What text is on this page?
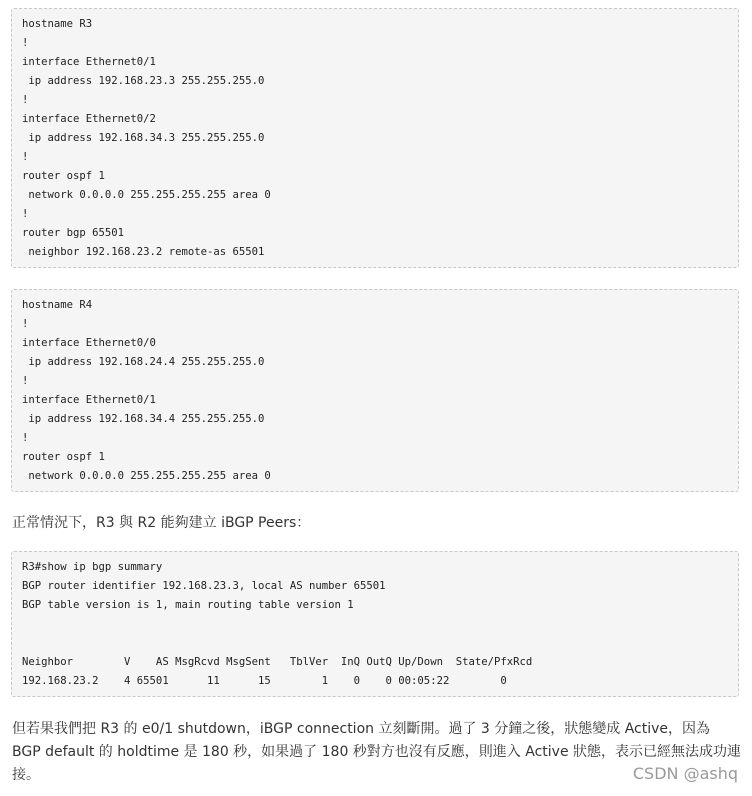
hostname R3
!
interface Ethernet0/1
ip address 192.168.23.3 255.255.255.0
!
interface Ethernet0/2
ip address 192.168.34.3 255.255.255.0
!
router ospf 1
network 0.0.0.0 255.255.255.255 area 0
!
router bgp 65501
neighbor 192.168.23.2 remote-as 65501
hostname R4
!
interface Ethernet0/0
ip address 192.168.24.4 255.255.255.0
!
interface Ethernet0/1
ip address 192.168.34.4 255.255.255.0
!
router ospf 1
network 0.0.0.0 255.255.255.255 area 0

正常情況下，R3 與 R2 能夠建立 iBGP Peers：

R3#show ip bgp summary
BGP router identifier 192.168.23.3, local AS number 65501
BGP table version is 1, main routing table version 1

Neighbor        V    AS MsgRcvd MsgSent   TblVer  InQ OutQ Up/Down  State/PfxRcd
192.168.23.2    4 65501      11      15        1    0    0 00:05:22        0

但若果我們把 R3 的 e0/1 shutdown，iBGP connection 立刻斷開。過了 3 分鐘之後，狀態變成 Active，因為 BGP default 的 holdtime 是 180 秒，如果過了 180 秒對方也沒有反應，則進入 Active 狀態，表示已經無法成功連接。	CSDN @ashq
